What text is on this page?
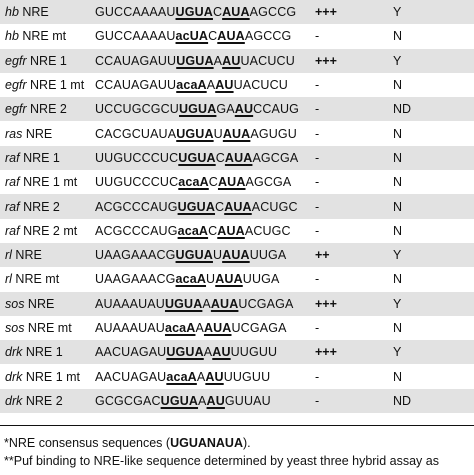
hb NRE	GUCCAAAAUUGUACAUAAGCCG	+++	Y
hb NRE mt	GUCCAAAAUacUACAUAAGCCG	-	N
egfr NRE 1	CCAUAGAUUUGUAAAUUACUCU	+++	Y
egfr NRE 1 mt	CCAUAGAUUacaAAAUUACUCU	-	N
egfr NRE 2	UCCUGCGCUUGUAGAAUCCAUG	-	ND
ras NRE	CACGCUAUAUGUAUAUAAGUGU	-	N
raf NRE 1	UUGUCCCUCUGUACAUAAGCGA	-	N
raf NRE 1 mt	UUGUCCCUCacaACAUAAGCGA	-	N
raf NRE 2	ACGCCCAUGUGUACAUAACUGC	-	N
raf NRE 2 mt	ACGCCCAUGacaACAUAACUGC	-	N
rl NRE	UAAGAAACGUGUAUAUAUUGA	++	Y
rl NRE mt	UAAGAAACGacaAUAUAUUGA	-	N
sos NRE	AUAAAUAUUGUAAAUAUCGAGA	+++	Y
sos NRE mt	AUAAAUAUacaAAAUAUCGAGA	-	N
drk NRE 1	AACUAGAUUGUAAAUUUGUU	+++	Y
drk NRE 1 mt	AACUAGAUacaAAAUUUGUU	-	N
drk NRE 2	GCGCGACUGUAAAUGUUAU	-	ND
*NRE consensus sequences (UGUANAUA).
**Puf binding to NRE-like sequence determined by yeast three hybrid assay as
